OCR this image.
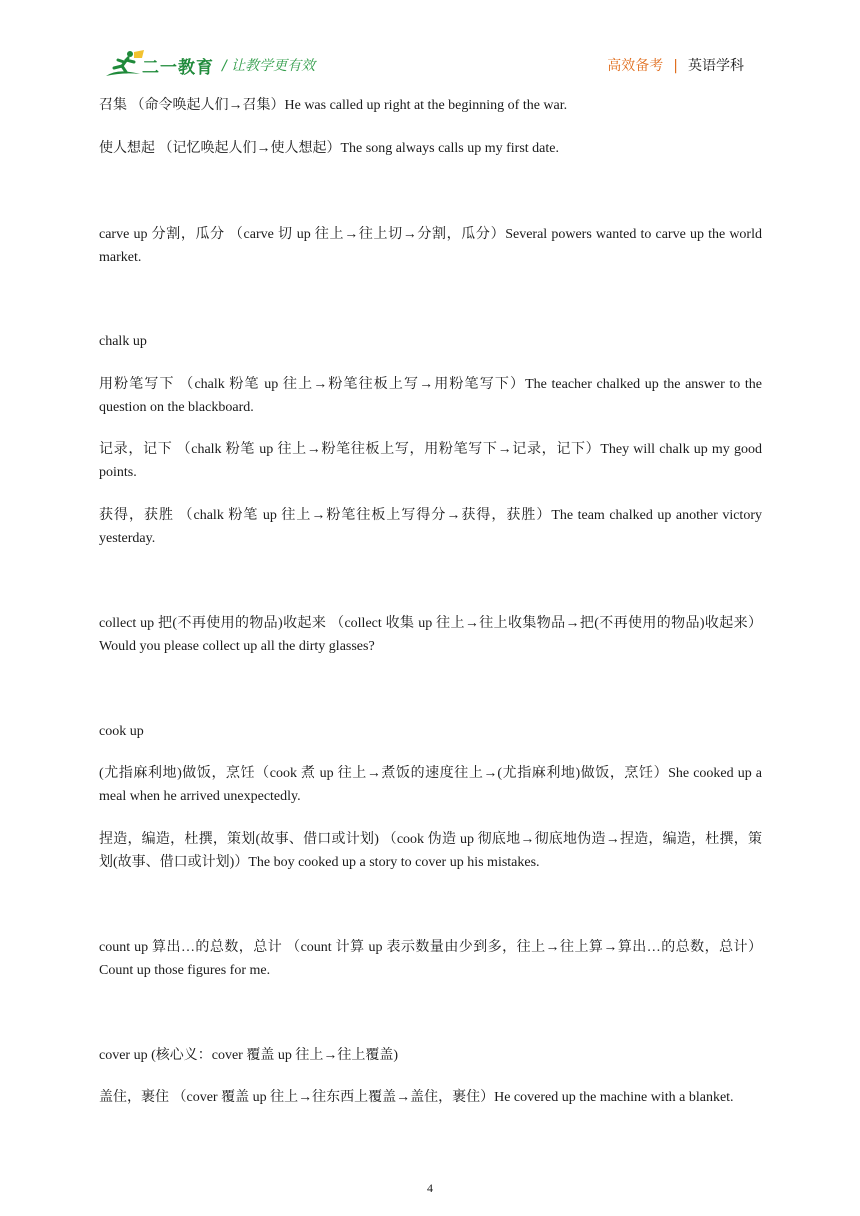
二一教育 / 让教学更有效	高效备考 | 英语学科
召集 （命令唤起人们→召集）He was called up right at the beginning of the war.
使人想起 （记忆唤起人们→使人想起）The song always calls up my first date.
carve up 分割，瓜分 （carve 切 up 往上→往上切→分割，瓜分）Several powers wanted to carve up the world market.
chalk up
用粉笔写下 （chalk 粉笔 up 往上→粉笔往板上写→用粉笔写下）The teacher chalked up the answer to the question on the blackboard.
记录，记下 （chalk 粉笔 up 往上→粉笔往板上写，用粉笔写下→记录，记下）They will chalk up my good points.
获得，获胜 （chalk 粉笔 up 往上→粉笔往板上写得分→获得，获胜）The team chalked up another victory yesterday.
collect up 把(不再使用的物品)收起来 （collect 收集 up 往上→往上收集物品→把(不再使用的物品)收起来）Would you please collect up all the dirty glasses?
cook up
(尤指麻利地)做饭，烹饪（cook 煮 up 往上→煮饭的速度往上→(尤指麻利地)做饭，烹饪）She cooked up a meal when he arrived unexpectedly.
捏造，编造，杜撰，策划(故事、借口或计划) （cook 伪造 up 彻底地→彻底地伪造→捏造，编造，杜撰，策划(故事、借口或计划)）The boy cooked up a story to cover up his mistakes.
count up 算出…的总数，总计 （count 计算 up 表示数量由少到多，往上→往上算→算出…的总数，总计）Count up those figures for me.
cover up (核心义：cover 覆盖 up 往上→往上覆盖)
盖住，裹住 （cover 覆盖 up 往上→往东西上覆盖→盖住，裹住）He covered up the machine with a blanket.
4
